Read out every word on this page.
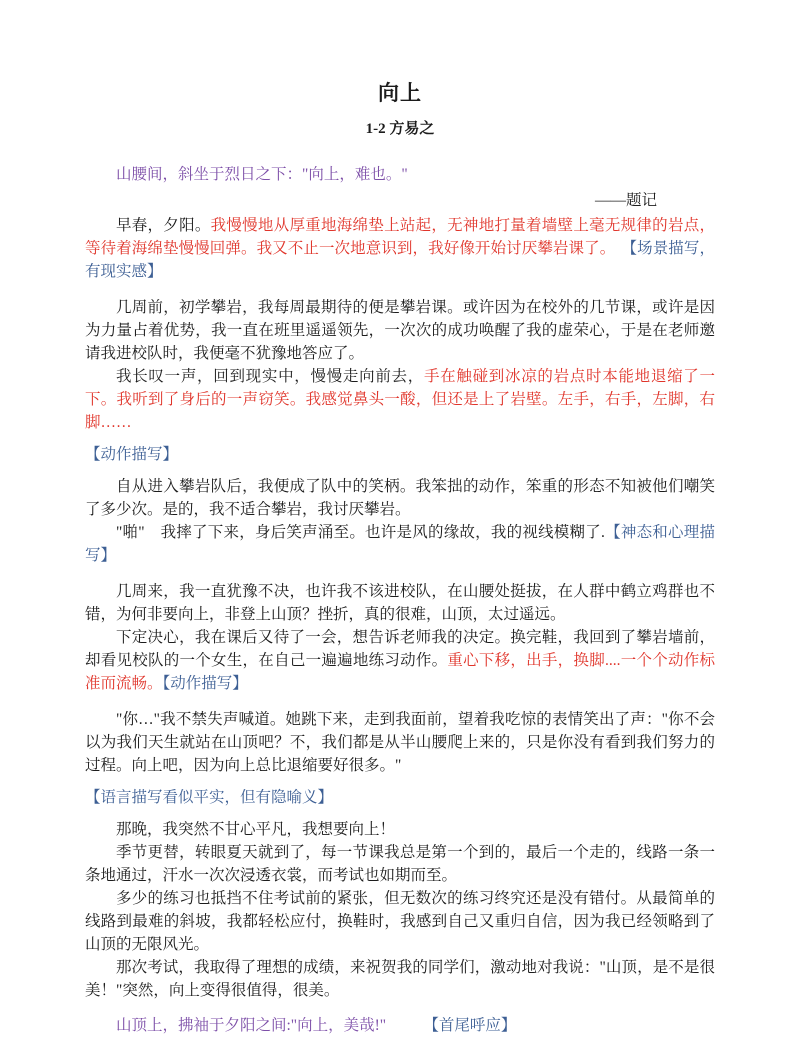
向上
1-2 方易之

山腰间，斜坐于烈日之下："向上，难也。"

——题记

早春，夕阳。我慢慢地从厚重地海绵垫上站起，无神地打量着墙壁上毫无规律的岩点，等待着海绵垫慢慢回弹。我又不止一次地意识到，我好像开始讨厌攀岩课了。 【场景描写，有现实感】

几周前，初学攀岩，我每周最期待的便是攀岩课。或许因为在校外的几节课，或许是因为力量占着优势，我一直在班里遥遥领先，一次次的成功唤醒了我的虚荣心，于是在老师邀请我进校队时，我便毫不犹豫地答应了。

我长叹一声，回到现实中，慢慢走向前去，手在触碰到冰凉的岩点时本能地退缩了一下。我听到了身后的一声窃笑。我感觉鼻头一酸，但还是上了岩壁。左手，右手，左脚，右脚……

【动作描写】

自从进入攀岩队后，我便成了队中的笑柄。我笨拙的动作，笨重的形态不知被他们嘲笑了多少次。是的，我不适合攀岩，我讨厌攀岩。

"啪"　我摔了下来，身后笑声涌至。也许是风的缘故，我的视线模糊了.【神态和心理描写】

几周来，我一直犹豫不决，也许我不该进校队，在山腰处挺拔，在人群中鹤立鸡群也不错，为何非要向上，非登上山顶？挫折，真的很难，山顶，太过遥远。

下定决心，我在课后又待了一会，想告诉老师我的决定。换完鞋，我回到了攀岩墙前，却看见校队的一个女生，在自己一遍遍地练习动作。重心下移，出手，换脚....一个个动作标准而流畅。【动作描写】

"你…"我不禁失声喊道。她跳下来，走到我面前，望着我吃惊的表情笑出了声："你不会以为我们天生就站在山顶吧？不，我们都是从半山腰爬上来的，只是你没有看到我们努力的过程。向上吧，因为向上总比退缩要好很多。"

【语言描写看似平实，但有隐喻义】

那晚，我突然不甘心平凡，我想要向上！

季节更替，转眼夏天就到了，每一节课我总是第一个到的，最后一个走的，线路一条一条地通过，汗水一次次浸透衣裳，而考试也如期而至。

多少的练习也抵挡不住考试前的紧张，但无数次的练习终究还是没有错付。从最简单的线路到最难的斜坡，我都轻松应付，换鞋时，我感到自己又重归自信，因为我已经领略到了山顶的无限风光。

那次考试，我取得了理想的成绩，来祝贺我的同学们，激动地对我说："山顶，是不是很美！"突然，向上变得很值得，很美。

山顶上，拂袖于夕阳之间:"向上，美哉!" 【首尾呼应】
